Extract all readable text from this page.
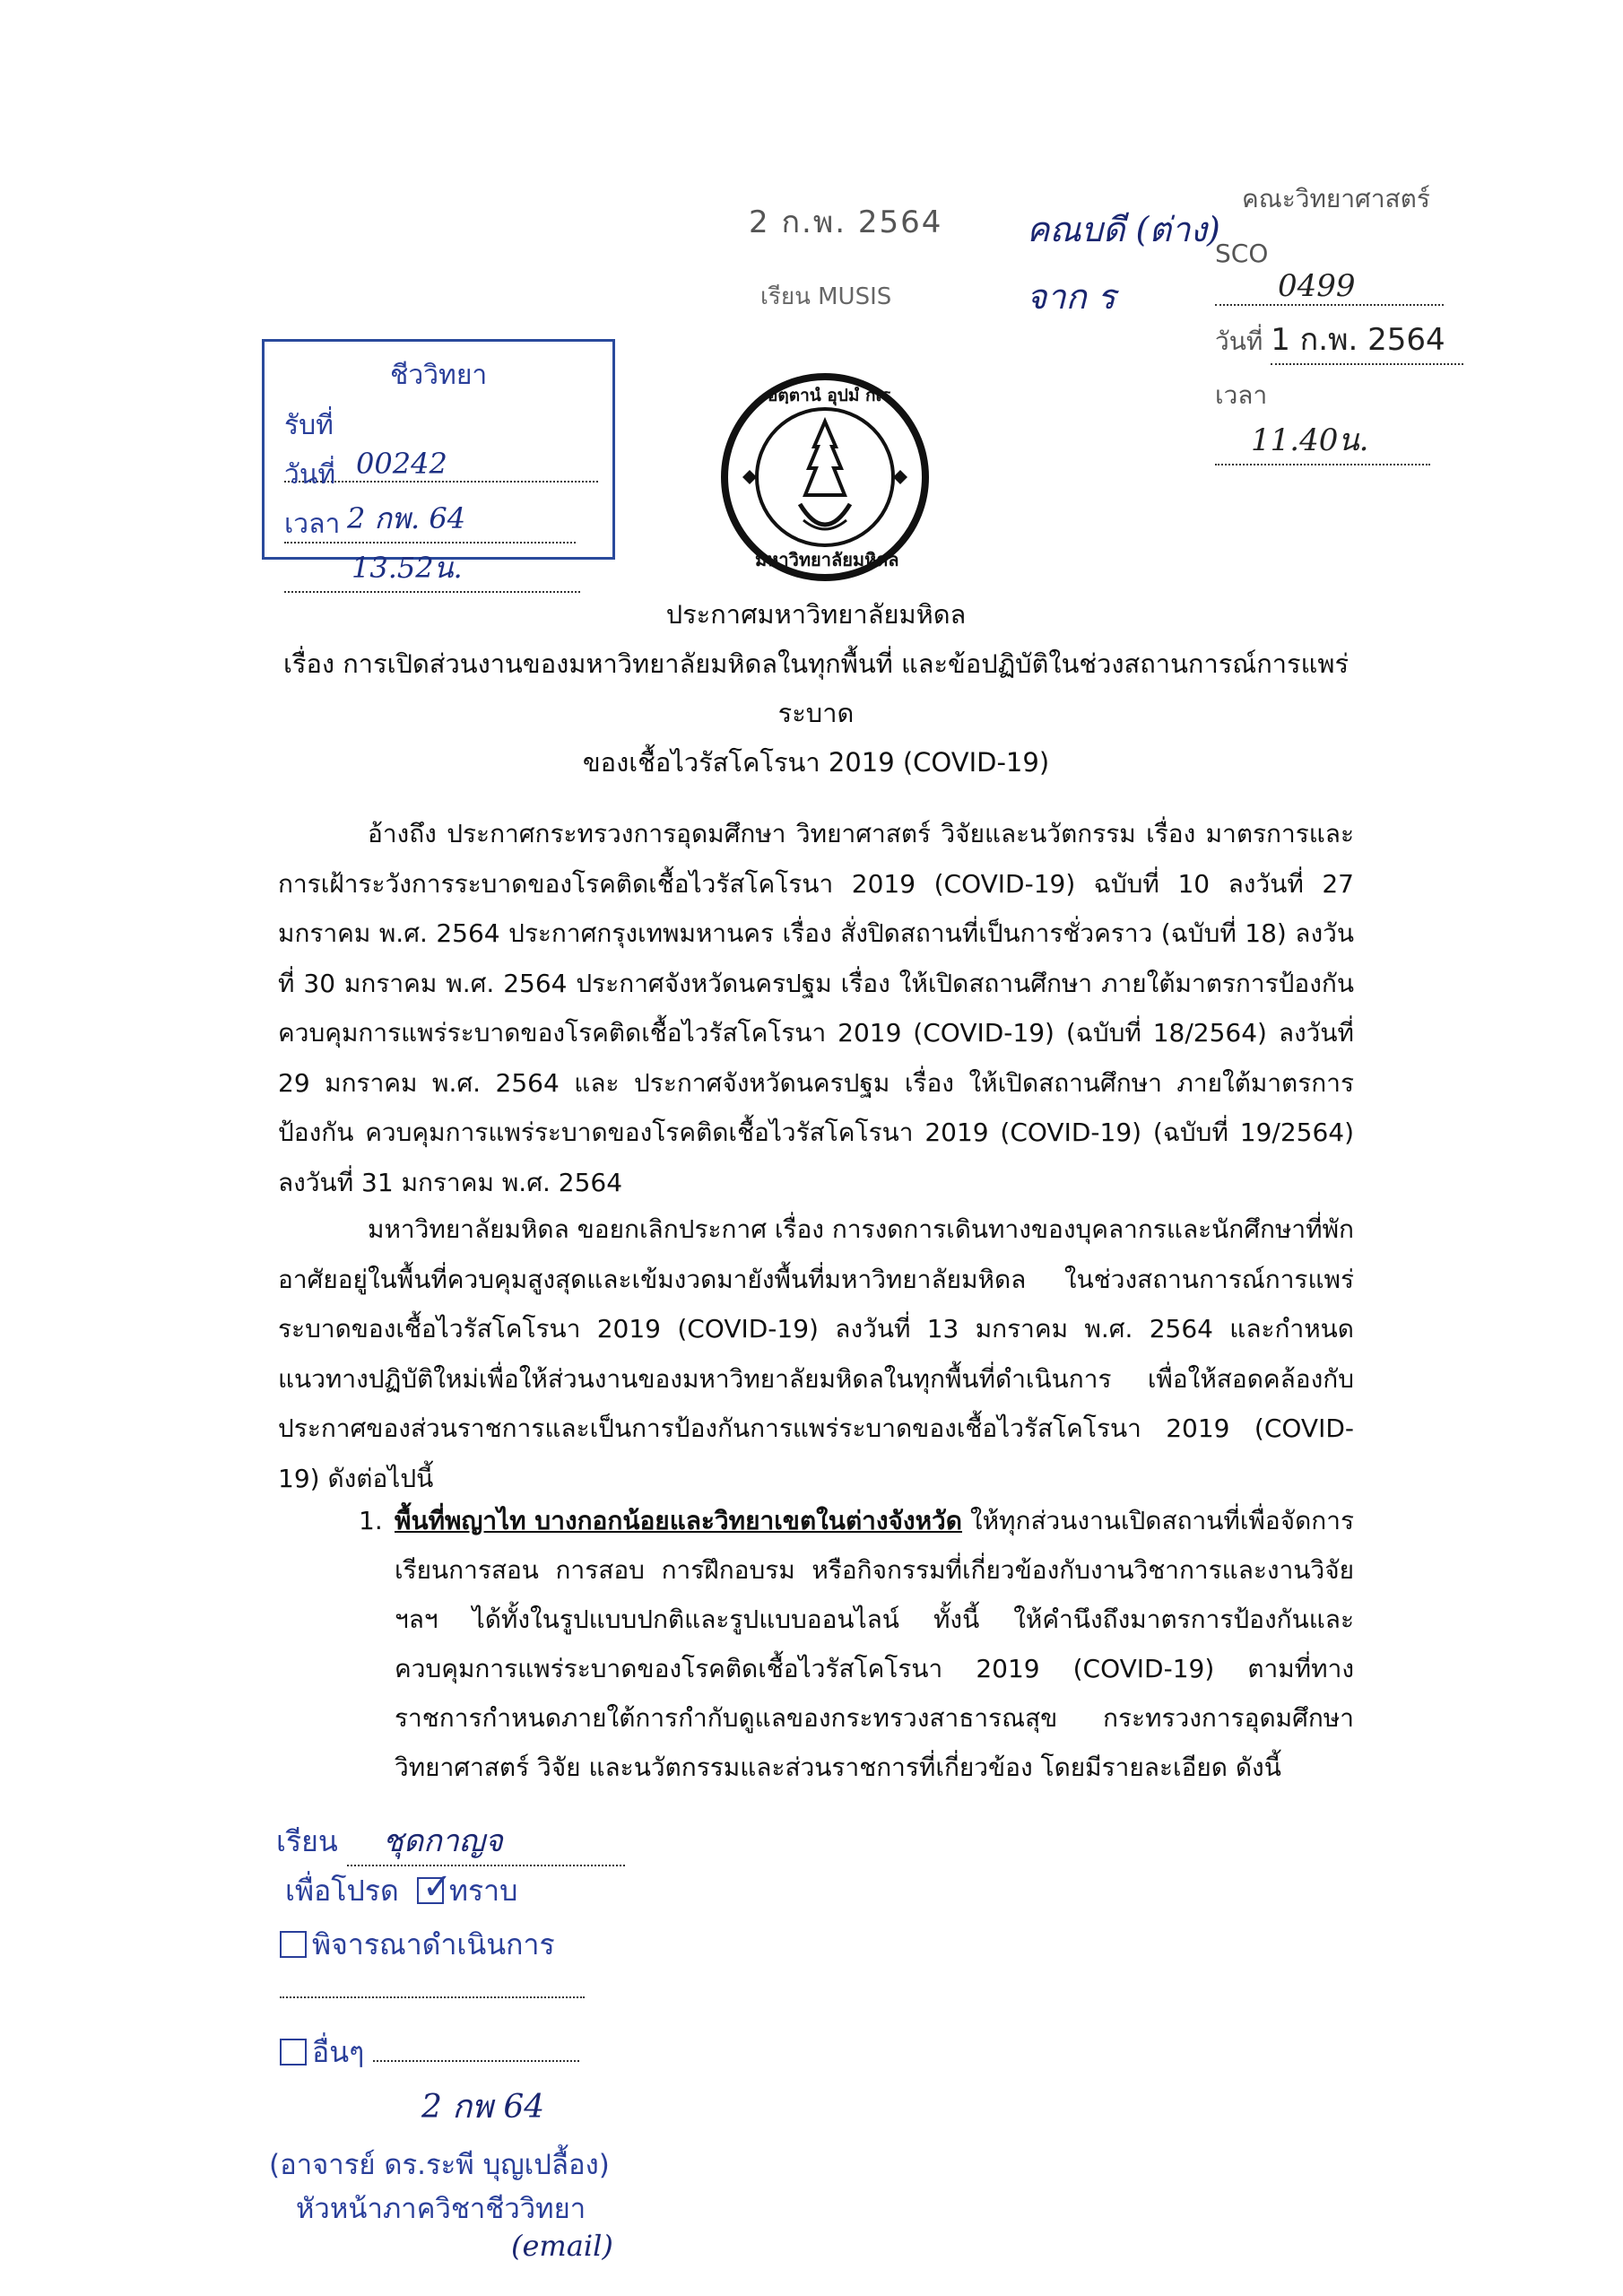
2 ก.พ. 2564
เรียน MUSIS
คณบดี (ต่าง)
จาก ร
คณะวิทยาศาสตร์
SCO 0499
วันที่ 1 ก.พ. 2564
เวลา 11.40น.
ชีววิทยา
รับที่00242
วันที่2 กพ. 64
เวลา13.52น.
อตฺตานํ อุปมํ กเร
มหาวิทยาลัยมหิดล
ประกาศมหาวิทยาลัยมหิดล
เรื่อง การเปิดส่วนงานของมหาวิทยาลัยมหิดลในทุกพื้นที่ และข้อปฏิบัติในช่วงสถานการณ์การแพร่ระบาด
ของเชื้อไวรัสโคโรนา 2019 (COVID-19)
อ้างถึง ประกาศกระทรวงการอุดมศึกษา วิทยาศาสตร์ วิจัยและนวัตกรรม เรื่อง มาตรการและการเฝ้าระวังการระบาดของโรคติดเชื้อไวรัสโคโรนา 2019 (COVID-19) ฉบับที่ 10 ลงวันที่ 27 มกราคม พ.ศ. 2564 ประกาศกรุงเทพมหานคร เรื่อง สั่งปิดสถานที่เป็นการชั่วคราว (ฉบับที่ 18) ลงวันที่ 30 มกราคม พ.ศ. 2564 ประกาศจังหวัดนครปฐม เรื่อง ให้เปิดสถานศึกษา ภายใต้มาตรการป้องกัน ควบคุมการแพร่ระบาดของโรคติดเชื้อไวรัสโคโรนา 2019 (COVID-19) (ฉบับที่ 18/2564) ลงวันที่ 29 มกราคม พ.ศ. 2564 และ ประกาศจังหวัดนครปฐม เรื่อง ให้เปิดสถานศึกษา ภายใต้มาตรการป้องกัน ควบคุมการแพร่ระบาดของโรคติดเชื้อไวรัสโคโรนา 2019 (COVID-19) (ฉบับที่ 19/2564) ลงวันที่ 31 มกราคม พ.ศ. 2564
มหาวิทยาลัยมหิดล ขอยกเลิกประกาศ เรื่อง การงดการเดินทางของบุคลากรและนักศึกษาที่พักอาศัยอยู่ในพื้นที่ควบคุมสูงสุดและเข้มงวดมายังพื้นที่มหาวิทยาลัยมหิดล ในช่วงสถานการณ์การแพร่ระบาดของเชื้อไวรัสโคโรนา 2019 (COVID-19) ลงวันที่ 13 มกราคม พ.ศ. 2564 และกำหนดแนวทางปฏิบัติใหม่เพื่อให้ส่วนงานของมหาวิทยาลัยมหิดลในทุกพื้นที่ดำเนินการ เพื่อให้สอดคล้องกับประกาศของส่วนราชการและเป็นการป้องกันการแพร่ระบาดของเชื้อไวรัสโคโรนา 2019 (COVID-19) ดังต่อไปนี้
1. พื้นที่พญาไท บางกอกน้อยและวิทยาเขตในต่างจังหวัด ให้ทุกส่วนงานเปิดสถานที่เพื่อจัดการเรียนการสอน การสอบ การฝึกอบรม หรือกิจกรรมที่เกี่ยวข้องกับงานวิชาการและงานวิจัย ฯลฯ ได้ทั้งในรูปแบบปกติและรูปแบบออนไลน์ ทั้งนี้ ให้คำนึงถึงมาตรการป้องกันและควบคุมการแพร่ระบาดของโรคติดเชื้อไวรัสโคโรนา 2019 (COVID-19) ตามที่ทางราชการกำหนดภายใต้การกำกับดูแลของกระทรวงสาธารณสุข กระทรวงการอุดมศึกษา วิทยาศาสตร์ วิจัย และนวัตกรรมและส่วนราชการที่เกี่ยวข้อง โดยมีรายละเอียด ดังนี้
เรียน ชุดกาญจ
เพื่อโปรด ✓
ทราบ
พิจารณาดำเนินการ
อื่นๆ
2 กพ 64
(อาจารย์ ดร.ระพี บุญเปลื้อง)
หัวหน้าภาควิชาชีววิทยา
(email)
